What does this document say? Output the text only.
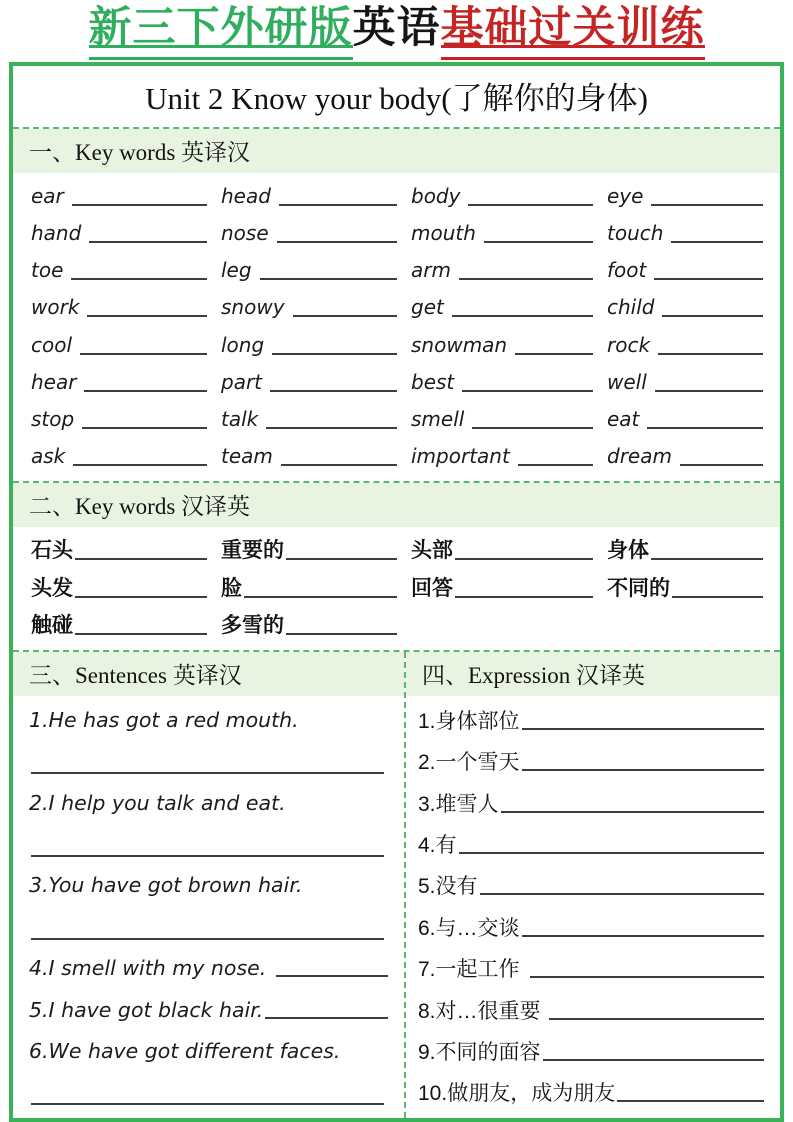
新三下外研版英语基础过关训练
Unit 2 Know your body(了解你的身体)
一、Key words 英译汉
ear	head	body	eye
hand	nose	mouth	touch
toe	leg	arm	foot
work	snowy	get	child
cool	long	snowman	rock
hear	part	best	well
stop	talk	smell	eat
ask	team	important	dream
二、Key words 汉译英
石头	重要的	头部	身体
头发	脸	回答	不同的
触碰	多雪的
三、Sentences 英译汉
1.He has got a red mouth.
2.I help you talk and eat.
3.You have got brown hair.
4.I smell with my nose.
5.I have got black hair.
6.We have got different faces.
四、Expression 汉译英
1.身体部位
2.一个雪天
3.堆雪人
4.有
5.没有
6.与…交谈
7.一起工作
8.对…很重要
9.不同的面容
10.做朋友，成为朋友
